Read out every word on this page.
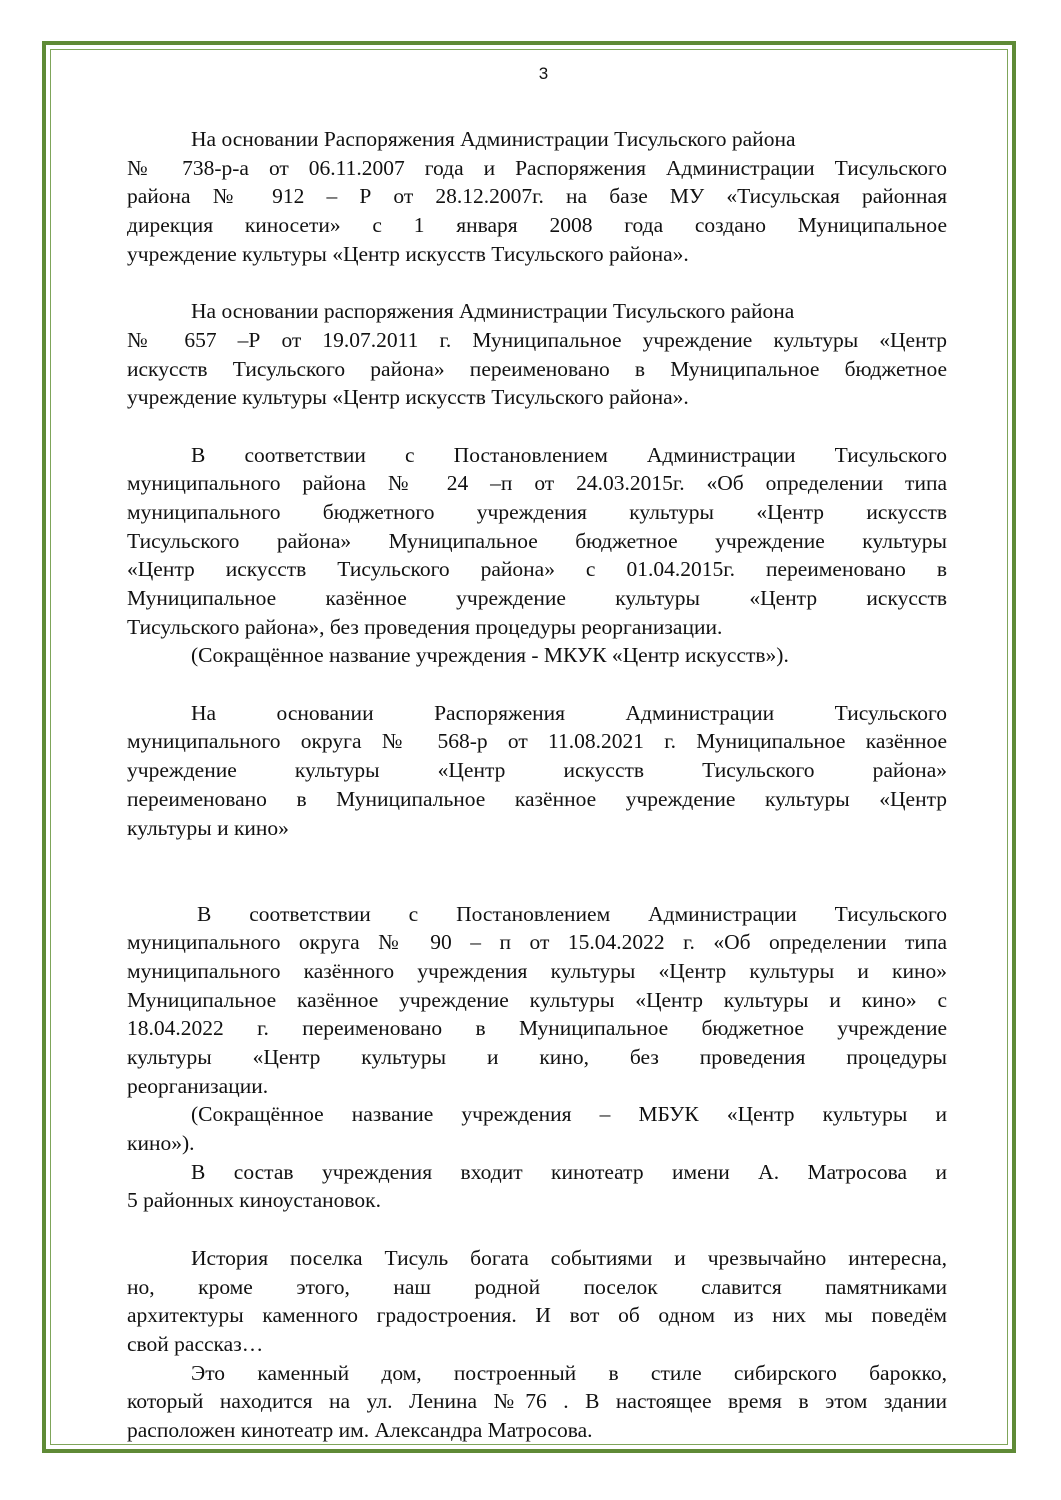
3
На основании Распоряжения Администрации Тисульского района
№ 738-р-а от 06.11.2007 года и Распоряжения Администрации Тисульского
района № 912 – Р от 28.12.2007г. на базе МУ «Тисульская районная
дирекция киносети» с 1 января 2008 года создано Муниципальное
учреждение культуры «Центр искусств Тисульского района».
На основании распоряжения Администрации Тисульского района
№ 657 –Р от 19.07.2011 г. Муниципальное учреждение культуры «Центр
искусств Тисульского района» переименовано в Муниципальное бюджетное
учреждение культуры «Центр искусств Тисульского района».
В соответствии с Постановлением Администрации Тисульского
муниципального района № 24 –п от 24.03.2015г. «Об определении типа
муниципального бюджетного учреждения культуры «Центр искусств
Тисульского района» Муниципальное бюджетное учреждение культуры
«Центр искусств Тисульского района» с 01.04.2015г. переименовано в
Муниципальное казённое учреждение культуры «Центр искусств
Тисульского района», без проведения процедуры реорганизации.
(Сокращённое название учреждения - МКУК «Центр искусств»).
На основании Распоряжения Администрации Тисульского
муниципального округа № 568-р от 11.08.2021 г. Муниципальное казённое
учреждение культуры «Центр искусств Тисульского района»
переименовано в Муниципальное казённое учреждение культуры «Центр
культуры и кино»
В соответствии с Постановлением Администрации Тисульского
муниципального округа № 90 – п от 15.04.2022 г. «Об определении типа
муниципального казённого учреждения культуры «Центр культуры и кино»
Муниципальное казённое учреждение культуры «Центр культуры и кино» с
18.04.2022 г. переименовано в Муниципальное бюджетное учреждение
культуры «Центр культуры и кино, без проведения процедуры
реорганизации.
(Сокращённое название учреждения – МБУК «Центр культуры и
кино»).
В состав учреждения входит кинотеатр имени А. Матросова и
5 районных киноустановок.
История поселка Тисуль богата событиями и чрезвычайно интересна,
но, кроме этого, наш родной поселок славится памятниками
архитектуры каменного градостроения. И вот об одном из них мы поведём
свой рассказ…
Это каменный дом, построенный в стиле сибирского барокко,
который находится на ул. Ленина №76 . В настоящее время в этом здании
расположен кинотеатр им. Александра Матросова.
